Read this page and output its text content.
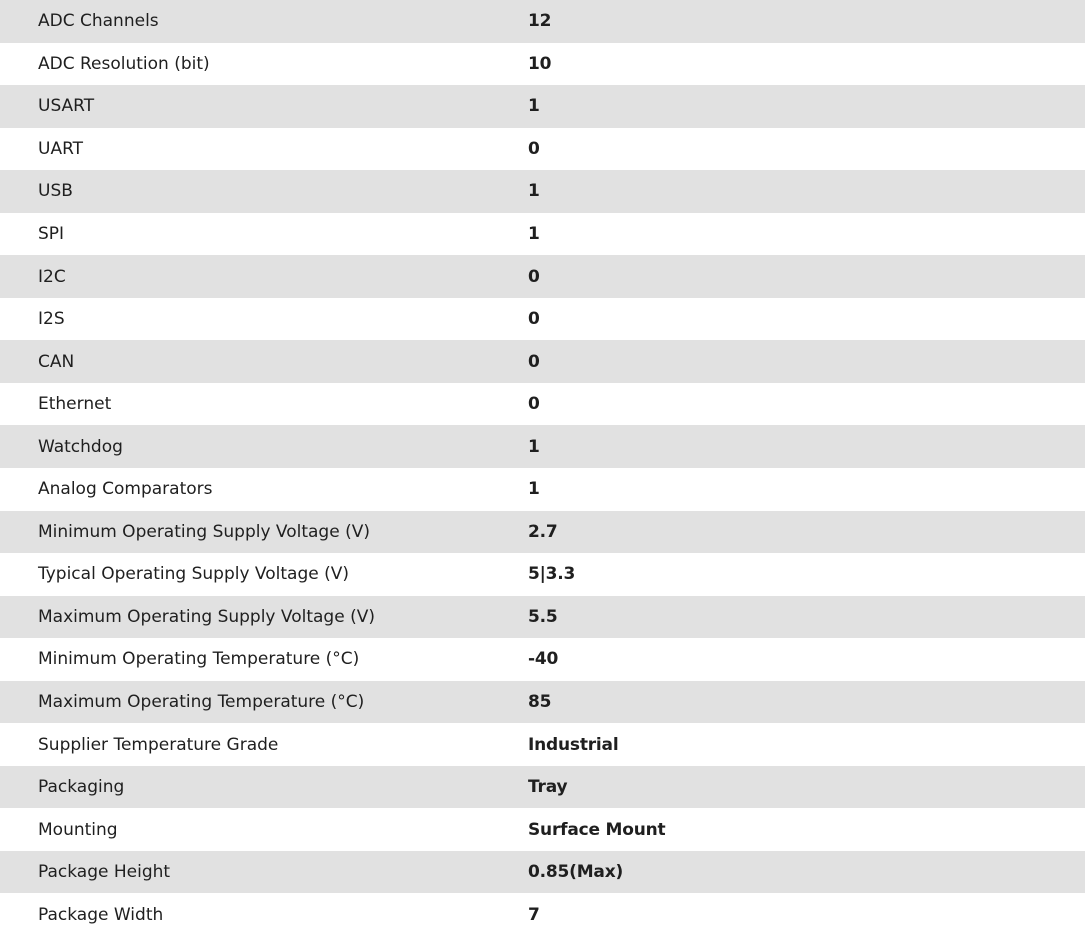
ADC Channels	12
ADC Resolution (bit)	10
USART	1
UART	0
USB	1
SPI	1
I2C	0
I2S	0
CAN	0
Ethernet	0
Watchdog	1
Analog Comparators	1
Minimum Operating Supply Voltage (V)	2.7
Typical Operating Supply Voltage (V)	5|3.3
Maximum Operating Supply Voltage (V)	5.5
Minimum Operating Temperature (°C)	-40
Maximum Operating Temperature (°C)	85
Supplier Temperature Grade	Industrial
Packaging	Tray
Mounting	Surface Mount
Package Height	0.85(Max)
Package Width	7
